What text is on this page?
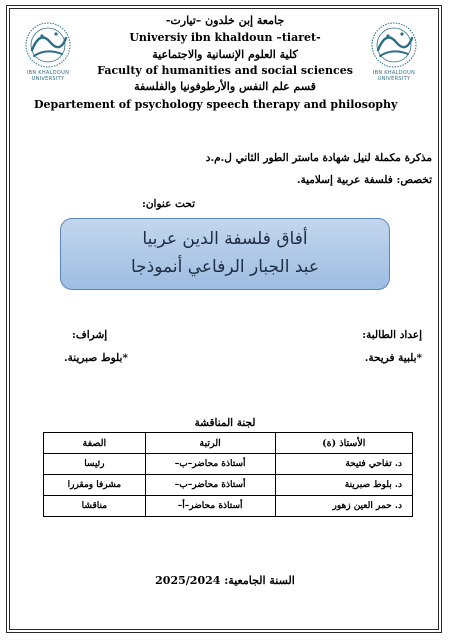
IBN KHALDOUN
UNIVERSITY
IBN KHALDOUN
UNIVERSITY
جامعة إبن خلدون –تيارت-
Universiy ibn khaldoun –tiaret-
كلية العلوم الإنسانية والاجتماعية
Faculty of humanities and social sciences
قسم علم النفس والأرطوفونيا والفلسفة
Departement of psychology speech therapy and philosophy
مذكرة مكملة لنيل شهادة ماستر الطور الثاني ل.م.د
تخصص: فلسفة عربية إسلامية.
تحت عنوان:
أفاق فلسفة الدين عربيا
عبد الجبار الرفاعي أنموذجا
إعداد الطالبة:
*بلبية فريحة.
إشراف:
*بلوط صبرينة.
لجنة المناقشة
الأستاذ (ة)	الرتبة	الصفة
د. تفاحي فتيحة	أستاذة محاضر–ب–	رئيسا
د. بلوط صبرينة	أستاذة محاضر–ب–	مشرفا ومقررا
د. حمر العين زهور	أستاذة محاضر–أ–	مناقشا
السنة الجامعية: 2025/2024
